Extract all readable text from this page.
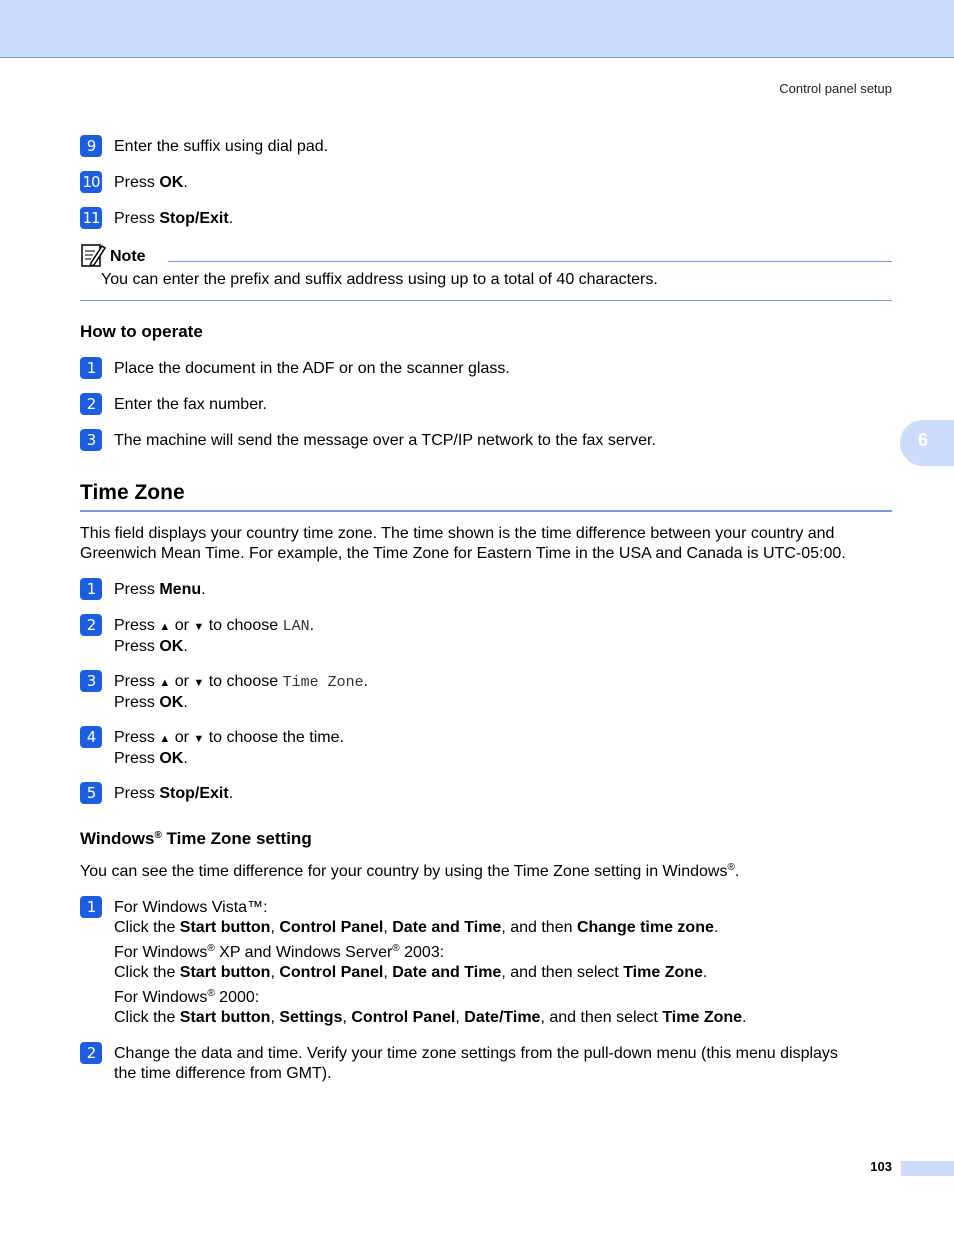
Control panel setup
6
9	Enter the suffix using dial pad.

10 Press OK.

11 Press Stop/Exit.

Note
You can enter the prefix and suffix address using up to a total of 40 characters.
How to operate
1	Place the document in the ADF or on the scanner glass.

2	Enter the fax number.

3	The machine will send the message over a TCP/IP network to the fax server.

Time Zone

This field displays your country time zone. The time shown is the time difference between your country and

Greenwich Mean Time. For example, the Time Zone for Eastern Time in the USA and Canada is UTC-05:00.

1	Press Menu.

2	Press ▲ or ▼ to choose LAN.

Press OK.

3	Press ▲ or ▼ to choose Time Zone.

Press OK.

4	Press ▲ or ▼ to choose the time.

Press OK.

5	Press Stop/Exit.

Windows® Time Zone setting
You can see the time difference for your country by using the Time Zone setting in Windows®.
1	For Windows Vista™:

Click the Start button, Control Panel, Date and Time, and then Change time zone.

For Windows® XP and Windows Server® 2003:

Click the Start button, Control Panel, Date and Time, and then select Time Zone.

For Windows® 2000:

Click the Start button, Settings, Control Panel, Date/Time, and then select Time Zone.

2	Change the data and time. Verify your time zone settings from the pull-down menu (this menu displays

the time difference from GMT).

103
